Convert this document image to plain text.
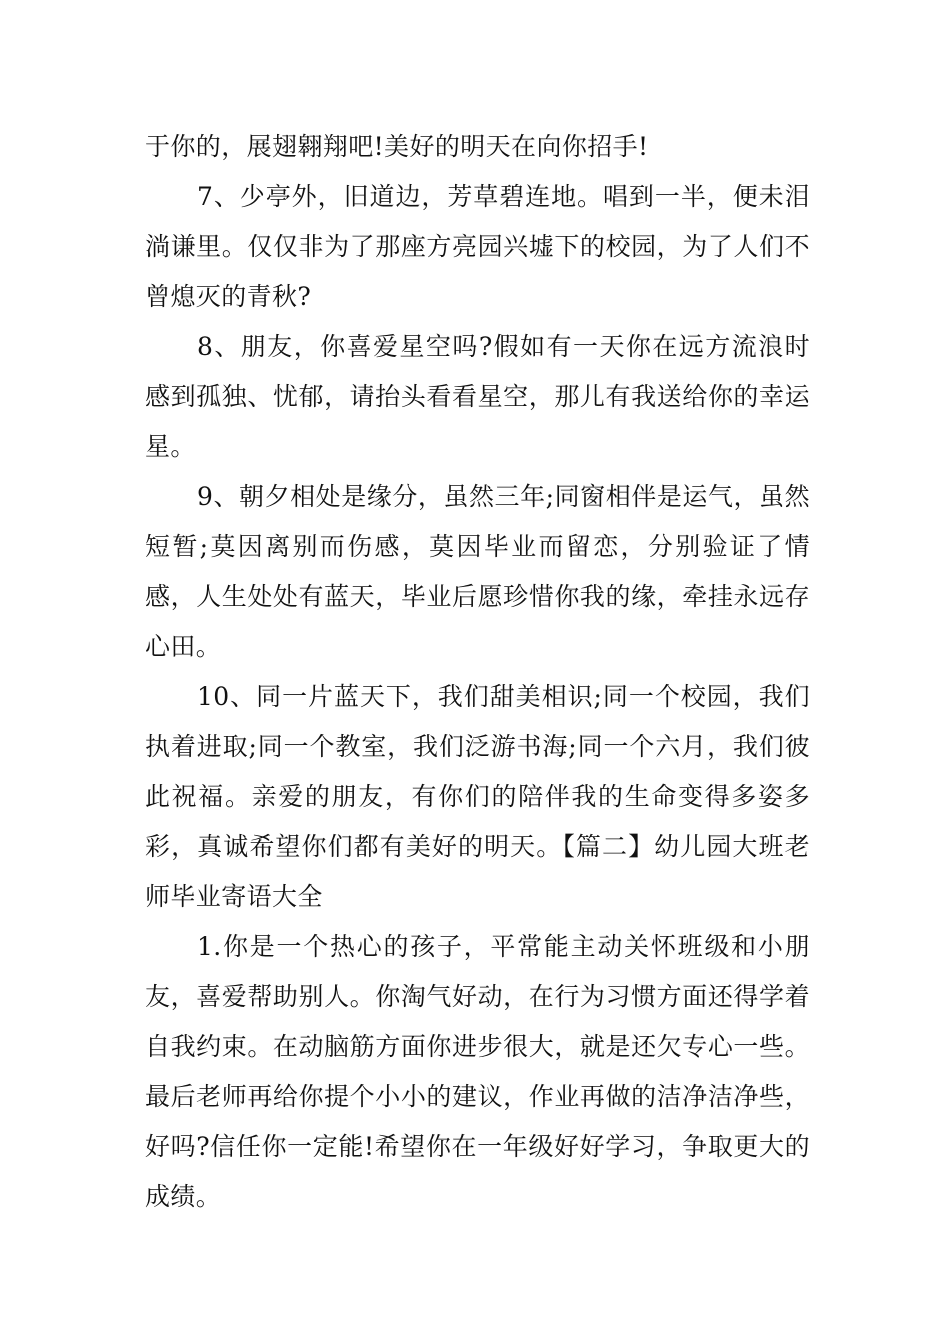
于你的，展翅翱翔吧!美好的明天在向你招手!

7、少亭外，旧道边，芳草碧连地。唱到一半，便未泪淌谦里。仅仅非为了那座方亮园兴墟下的校园，为了人们不曾熄灭的青秋?

8、朋友，你喜爱星空吗?假如有一天你在远方流浪时感到孤独、忧郁，请抬头看看星空，那儿有我送给你的幸运星。

9、朝夕相处是缘分，虽然三年;同窗相伴是运气，虽然短暂;莫因离别而伤感，莫因毕业而留恋，分别验证了情感，人生处处有蓝天，毕业后愿珍惜你我的缘，牵挂永远存心田。

10、同一片蓝天下，我们甜美相识;同一个校园，我们执着进取;同一个教室，我们泛游书海;同一个六月，我们彼此祝福。亲爱的朋友，有你们的陪伴我的生命变得多姿多彩，真诚希望你们都有美好的明天。【篇二】幼儿园大班老师毕业寄语大全

1.你是一个热心的孩子，平常能主动关怀班级和小朋友，喜爱帮助别人。你淘气好动，在行为习惯方面还得学着自我约束。在动脑筋方面你进步很大，就是还欠专心一些。最后老师再给你提个小小的建议，作业再做的洁净洁净些，好吗?信任你一定能!希望你在一年级好好学习，争取更大的成绩。
